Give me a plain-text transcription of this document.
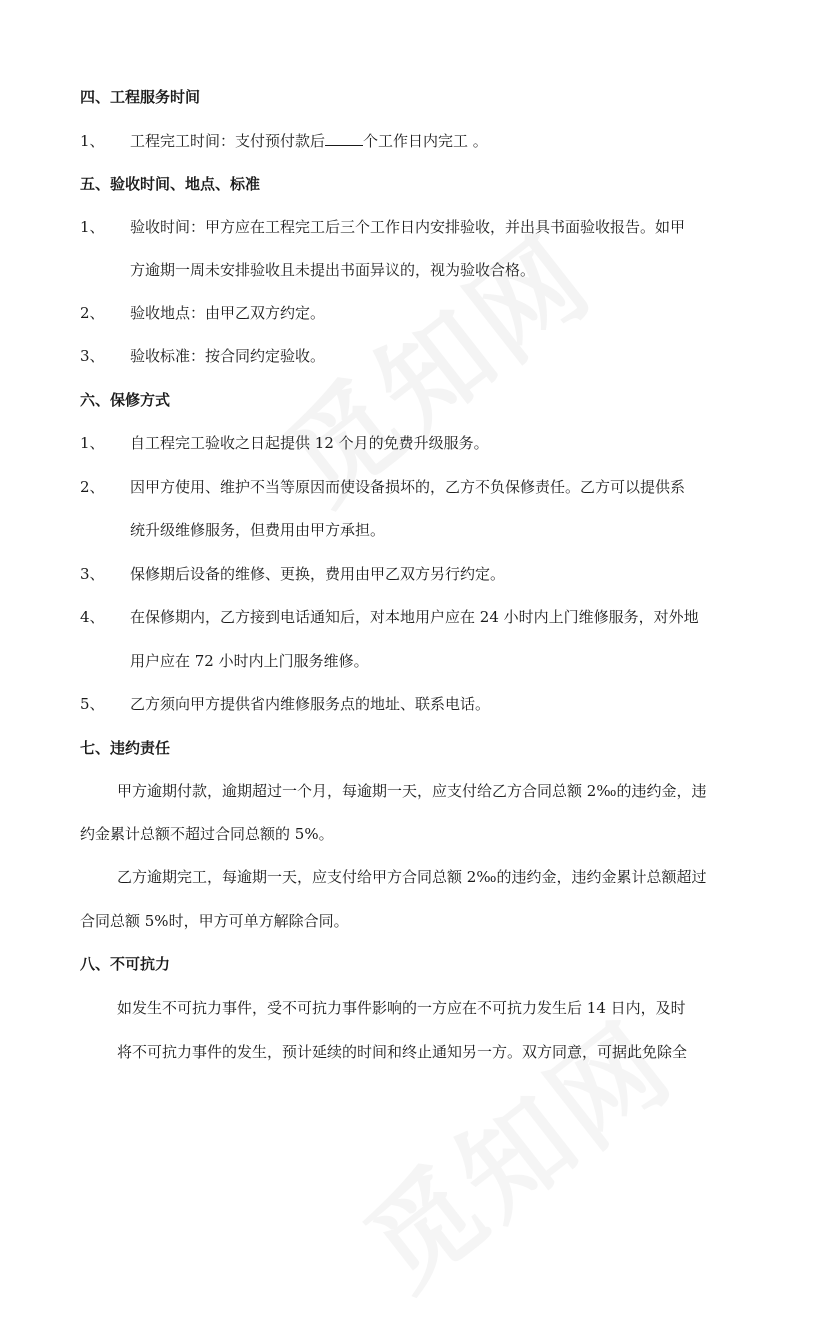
四、工程服务时间
1、 工程完工时间：支付预付款后	个工作日内完工 。
五、验收时间、地点、标准
1、 验收时间：甲方应在工程完工后三个工作日内安排验收，并出具书面验收报告。如甲
方逾期一周未安排验收且未提出书面异议的，视为验收合格。
2、 验收地点：由甲乙双方约定。
3、 验收标准：按合同约定验收。
六、保修方式
1、 自工程完工验收之日起提供 12 个月的免费升级服务。
2、 因甲方使用、维护不当等原因而使设备损坏的，乙方不负保修责任。乙方可以提供系
统升级维修服务，但费用由甲方承担。
3、 保修期后设备的维修、更换，费用由甲乙双方另行约定。
4、 在保修期内，乙方接到电话通知后，对本地用户应在 24 小时内上门维修服务，对外地
用户应在 72 小时内上门服务维修。
5、 乙方须向甲方提供省内维修服务点的地址、联系电话。
七、违约责任
甲方逾期付款，逾期超过一个月，每逾期一天，应支付给乙方合同总额 2‰的违约金，违
约金累计总额不超过合同总额的 5%。
乙方逾期完工，每逾期一天，应支付给甲方合同总额 2‰的违约金，违约金累计总额超过
合同总额 5%时，甲方可单方解除合同。
八、不可抗力
如发生不可抗力事件，受不可抗力事件影响的一方应在不可抗力发生后 14 日内，及时
将不可抗力事件的发生，预计延续的时间和终止通知另一方。双方同意，可据此免除全
